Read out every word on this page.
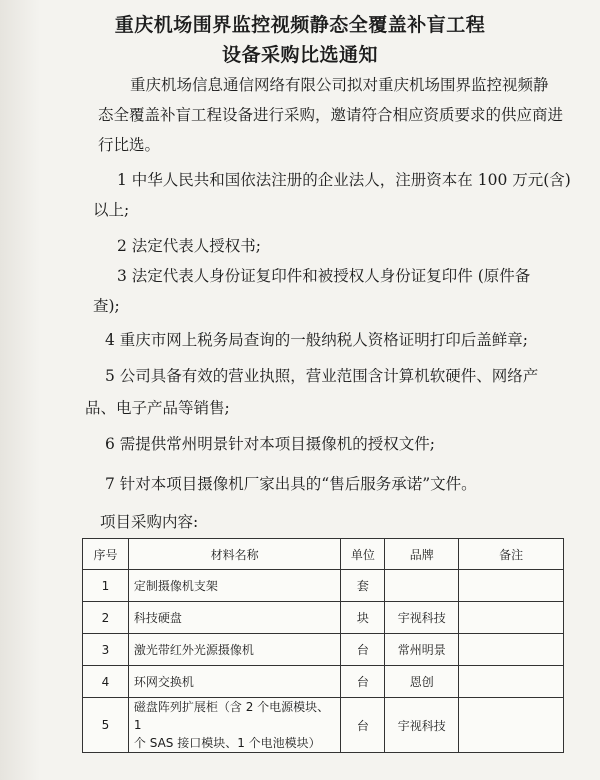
重庆机场围界监控视频静态全覆盖补盲工程
设备采购比选通知
重庆机场信息通信网络有限公司拟对重庆机场围界监控视频静
态全覆盖补盲工程设备进行采购，邀请符合相应资质要求的供应商进
行比选。
1 中华人民共和国依法注册的企业法人，注册资本在 100 万元(含)
以上;
2 法定代表人授权书;
3 法定代表人身份证复印件和被授权人身份证复印件 (原件备
查);
4 重庆市网上税务局查询的一般纳税人资格证明打印后盖鲜章;
5 公司具备有效的营业执照，营业范围含计算机软硬件、网络产
品、电子产品等销售;
6 需提供常州明景针对本项目摄像机的授权文件;
7 针对本项目摄像机厂家出具的“售后服务承诺”文件。
项目采购内容:
序号	材料名称	单位	品牌	备注
1	定制摄像机支架	套		
2	科技硬盘	块	宇视科技	
3	激光带红外光源摄像机	台	常州明景	
4	环网交换机	台	恩创	
5	磁盘阵列扩展柜（含 2 个电源模块、1
个 SAS 接口模块、1 个电池模块）	台	宇视科技	
